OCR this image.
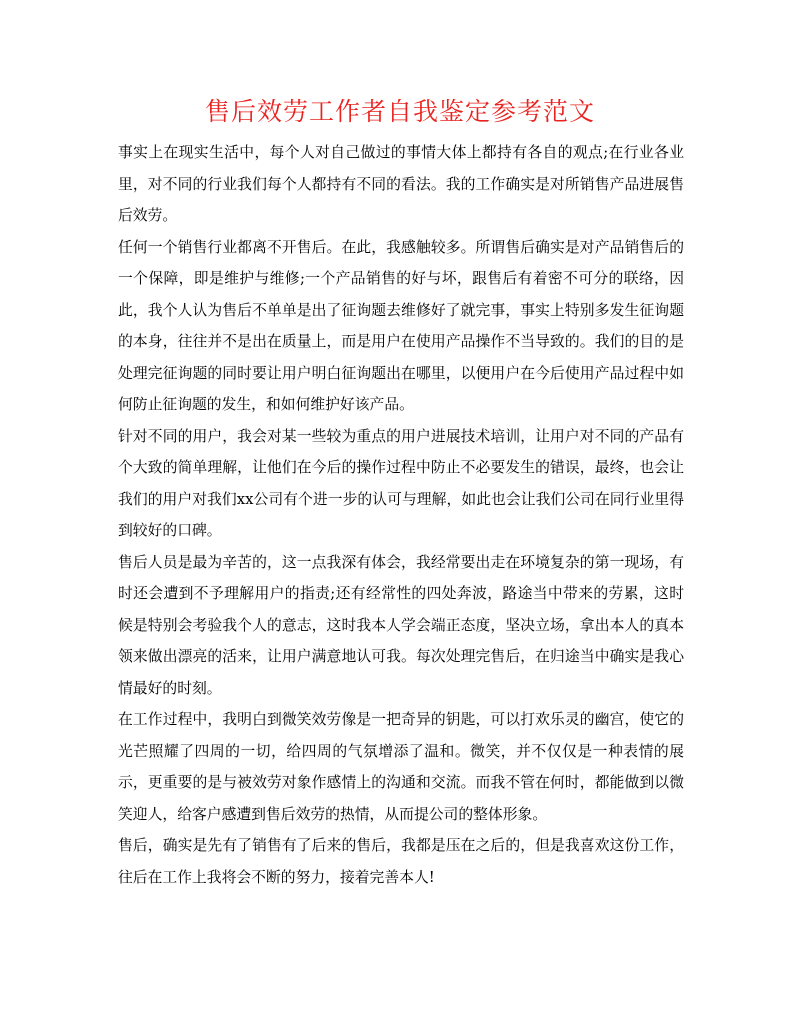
售后效劳工作者自我鉴定参考范文

事实上在现实生活中，每个人对自己做过的事情大体上都持有各自的观点;在行业各业里，对不同的行业我们每个人都持有不同的看法。我的工作确实是对所销售产品进展售后效劳。

任何一个销售行业都离不开售后。在此，我感触较多。所谓售后确实是对产品销售后的一个保障，即是维护与维修;一个产品销售的好与坏，跟售后有着密不可分的联络，因此，我个人认为售后不单单是出了征询题去维修好了就完事，事实上特别多发生征询题的本身，往往并不是出在质量上，而是用户在使用产品操作不当导致的。我们的目的是处理完征询题的同时要让用户明白征询题出在哪里，以便用户在今后使用产品过程中如何防止征询题的发生，和如何维护好该产品。

针对不同的用户，我会对某一些较为重点的用户进展技术培训，让用户对不同的产品有个大致的简单理解，让他们在今后的操作过程中防止不必要发生的错误，最终，也会让我们的用户对我们xx公司有个进一步的认可与理解，如此也会让我们公司在同行业里得到较好的口碑。

售后人员是最为辛苦的，这一点我深有体会，我经常要出走在环境复杂的第一现场，有时还会遭到不予理解用户的指责;还有经常性的四处奔波，路途当中带来的劳累，这时候是特别会考验我个人的意志，这时我本人学会端正态度，坚决立场，拿出本人的真本领来做出漂亮的活来，让用户满意地认可我。每次处理完售后，在归途当中确实是我心情最好的时刻。

在工作过程中，我明白到微笑效劳像是一把奇异的钥匙，可以打欢乐灵的幽宫，使它的光芒照耀了四周的一切，给四周的气氛增添了温和。微笑，并不仅仅是一种表情的展示，更重要的是与被效劳对象作感情上的沟通和交流。而我不管在何时，都能做到以微笑迎人，给客户感遭到售后效劳的热情，从而提公司的整体形象。

售后，确实是先有了销售有了后来的售后，我都是压在之后的，但是我喜欢这份工作，往后在工作上我将会不断的努力，接着完善本人!
